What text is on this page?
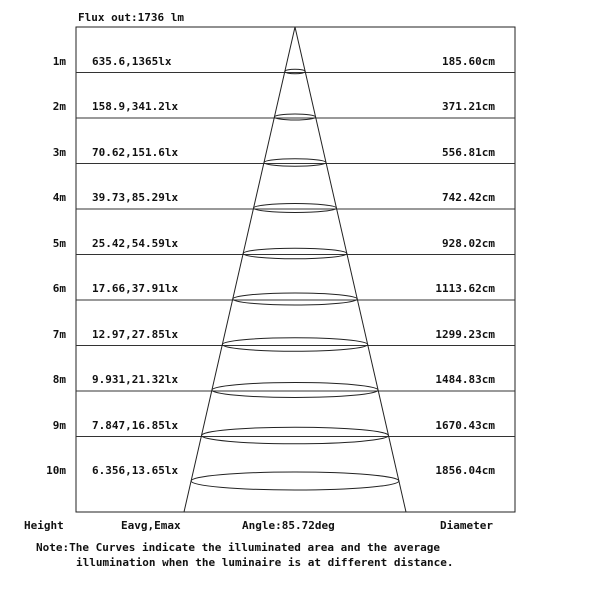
Flux out:1736 lm
1m 635.6,1365lx	185.60cm
2m 158.9,341.2lx	371.21cm
3m 70.62,151.6lx	556.81cm
4m 39.73,85.29lx	742.42cm
5m 25.42,54.59lx	928.02cm
6m 17.66,37.91lx	1113.62cm
7m 12.97,27.85lx	1299.23cm
8m 9.931,21.32lx	1484.83cm
9m 7.847,16.85lx	1670.43cm
10m 6.356,13.65lx	1856.04cm
Height	Eavg,Emax	Angle:85.72deg	Diameter
Note:The Curves indicate the illuminated area and the average
illumination when the luminaire is at different distance.
